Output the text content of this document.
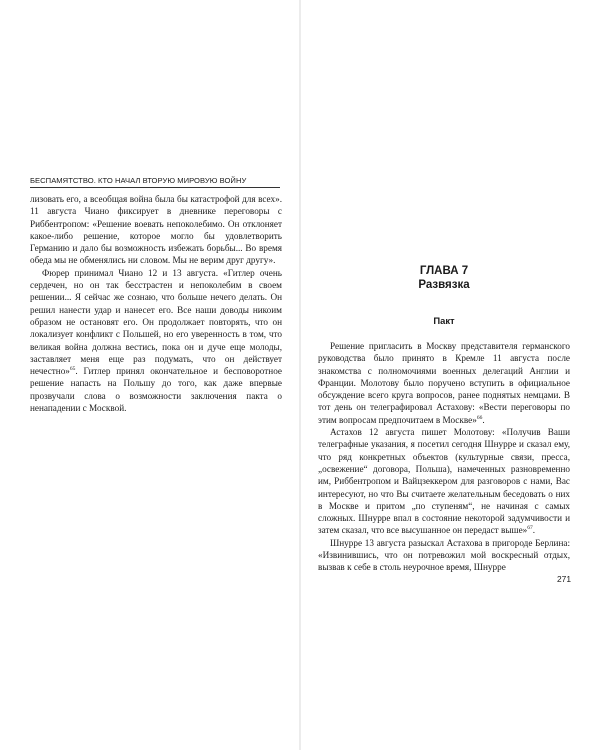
БЕСПАМЯТСТВО. КТО НАЧАЛ ВТОРУЮ МИРОВУЮ ВОЙНУ

лизовать его, а всеобщая война была бы катастрофой для всех». 11 августа Чиано фиксирует в дневнике переговоры с Риббентропом: «Решение воевать непоколебимо. Он отклоняет какое-либо решение, которое могло бы удовлетворить Германию и дало бы возможность избежать борьбы... Во время обеда мы не обменялись ни словом. Мы не верим друг другу».

Фюрер принимал Чиано 12 и 13 августа. «Гитлер очень сердечен, но он так бесстрастен и непоколебим в своем решении... Я сейчас же сознаю, что больше нечего делать. Он решил нанести удар и нанесет его. Все наши доводы никоим образом не остановят его. Он продолжает повторять, что он локализует конфликт с Польшей, но его уверенность в том, что великая война должна вестись, пока он и дуче еще молоды, заставляет меня еще раз подумать, что он действует нечестно»$^{65}$. Гитлер принял окончательное и бесповоротное решение напасть на Польшу до того, как даже впервые прозвучали слова о возможности заключения пакта о ненападении с Москвой.

ГЛАВА 7
Развязка
Пакт

Решение пригласить в Москву представителя германского руководства было принято в Кремле 11 августа после знакомства с полномочиями военных делегаций Англии и Франции. Молотову было поручено вступить в официальное обсуждение всего круга вопросов, ранее поднятых немцами. В тот день он телеграфировал Астахову: «Вести переговоры по этим вопросам предпочитаем в Москве»$^{66}$.

Астахов 12 августа пишет Молотову: «Получив Ваши телеграфные указания, я посетил сегодня Шнурре и сказал ему, что ряд конкретных объектов (культурные связи, пресса, „освежение“ договора, Польша), намеченных разновременно им, Риббентропом и Вайцзеккером для разговоров с нами, Вас интересуют, но что Вы считаете желательным беседовать о них в Москве и притом „по ступеням“, не начиная с самых сложных. Шнурре впал в состояние некоторой задумчивости и затем сказал, что все высушанное он передаст выше»$^{67}$.

Шнурре 13 августа разыскал Астахова в пригороде Берлина: «Извинившись, что он потревожил мой воскресный отдых, вызвав к себе в столь неурочное время, Шнурре

271
